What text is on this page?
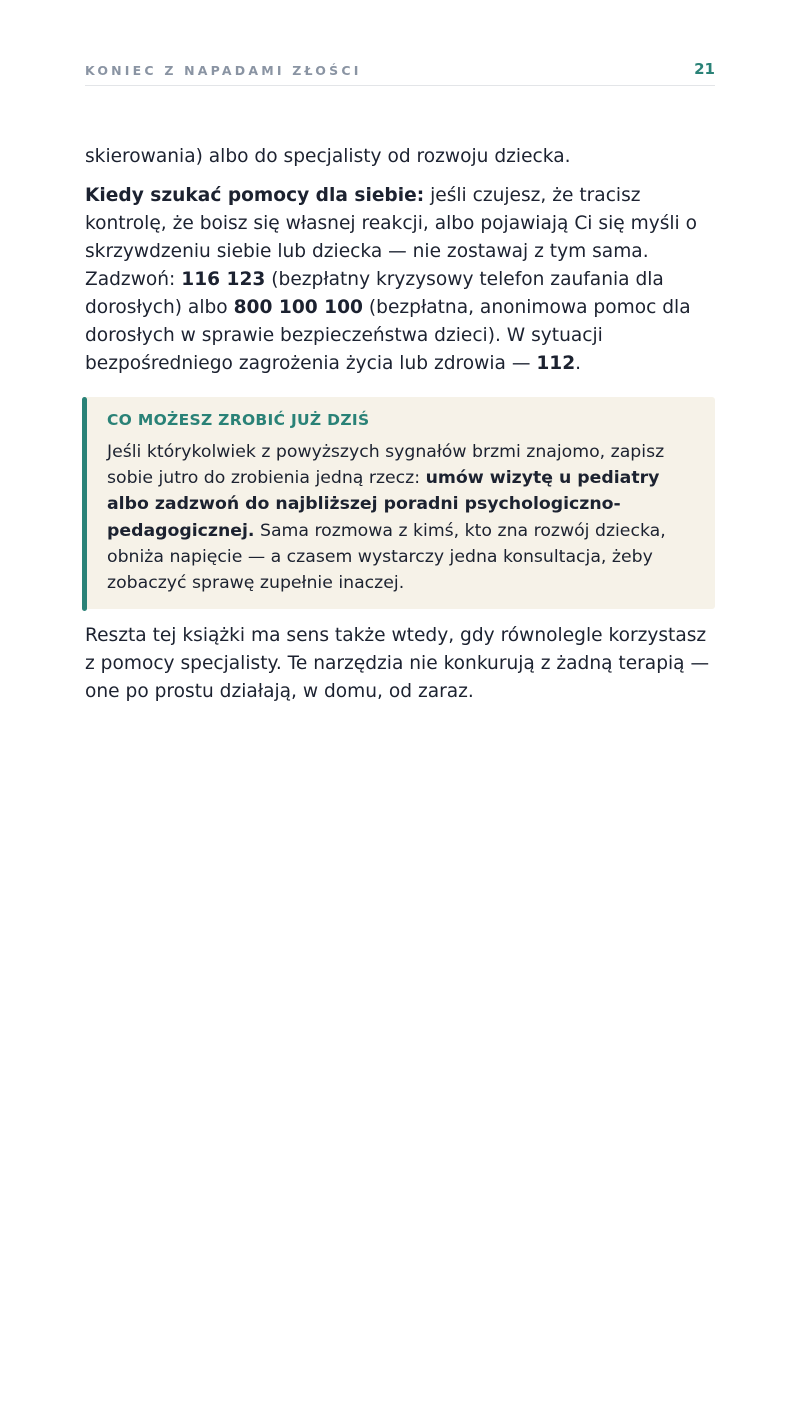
KONIEC Z NAPADAMI ZŁOŚCI	21

skierowania) albo do specjalisty od rozwoju dziecka.

Kiedy szukać pomocy dla siebie: jeśli czujesz, że tracisz kontrolę, że boisz się własnej reakcji, albo pojawiają Ci się myśli o skrzywdzeniu siebie lub dziecka — nie zostawaj z tym sama. Zadzwoń: 116 123 (bezpłatny kryzysowy telefon zaufania dla dorosłych) albo 800 100 100 (bezpłatna, anonimowa pomoc dla dorosłych w sprawie bezpieczeństwa dzieci). W sytuacji bezpośredniego zagrożenia życia lub zdrowia — 112.

CO MOŻESZ ZROBIĆ JUŻ DZIŚ

Jeśli którykolwiek z powyższych sygnałów brzmi znajomo, zapisz sobie jutro do zrobienia jedną rzecz: umów wizytę u pediatry albo zadzwoń do najbliższej poradni psychologiczno-pedagogicznej. Sama rozmowa z kimś, kto zna rozwój dziecka, obniża napięcie — a czasem wystarczy jedna konsultacja, żeby zobaczyć sprawę zupełnie inaczej.

Reszta tej książki ma sens także wtedy, gdy równolegle korzystasz z pomocy specjalisty. Te narzędzia nie konkurują z żadną terapią — one po prostu działają, w domu, od zaraz.
